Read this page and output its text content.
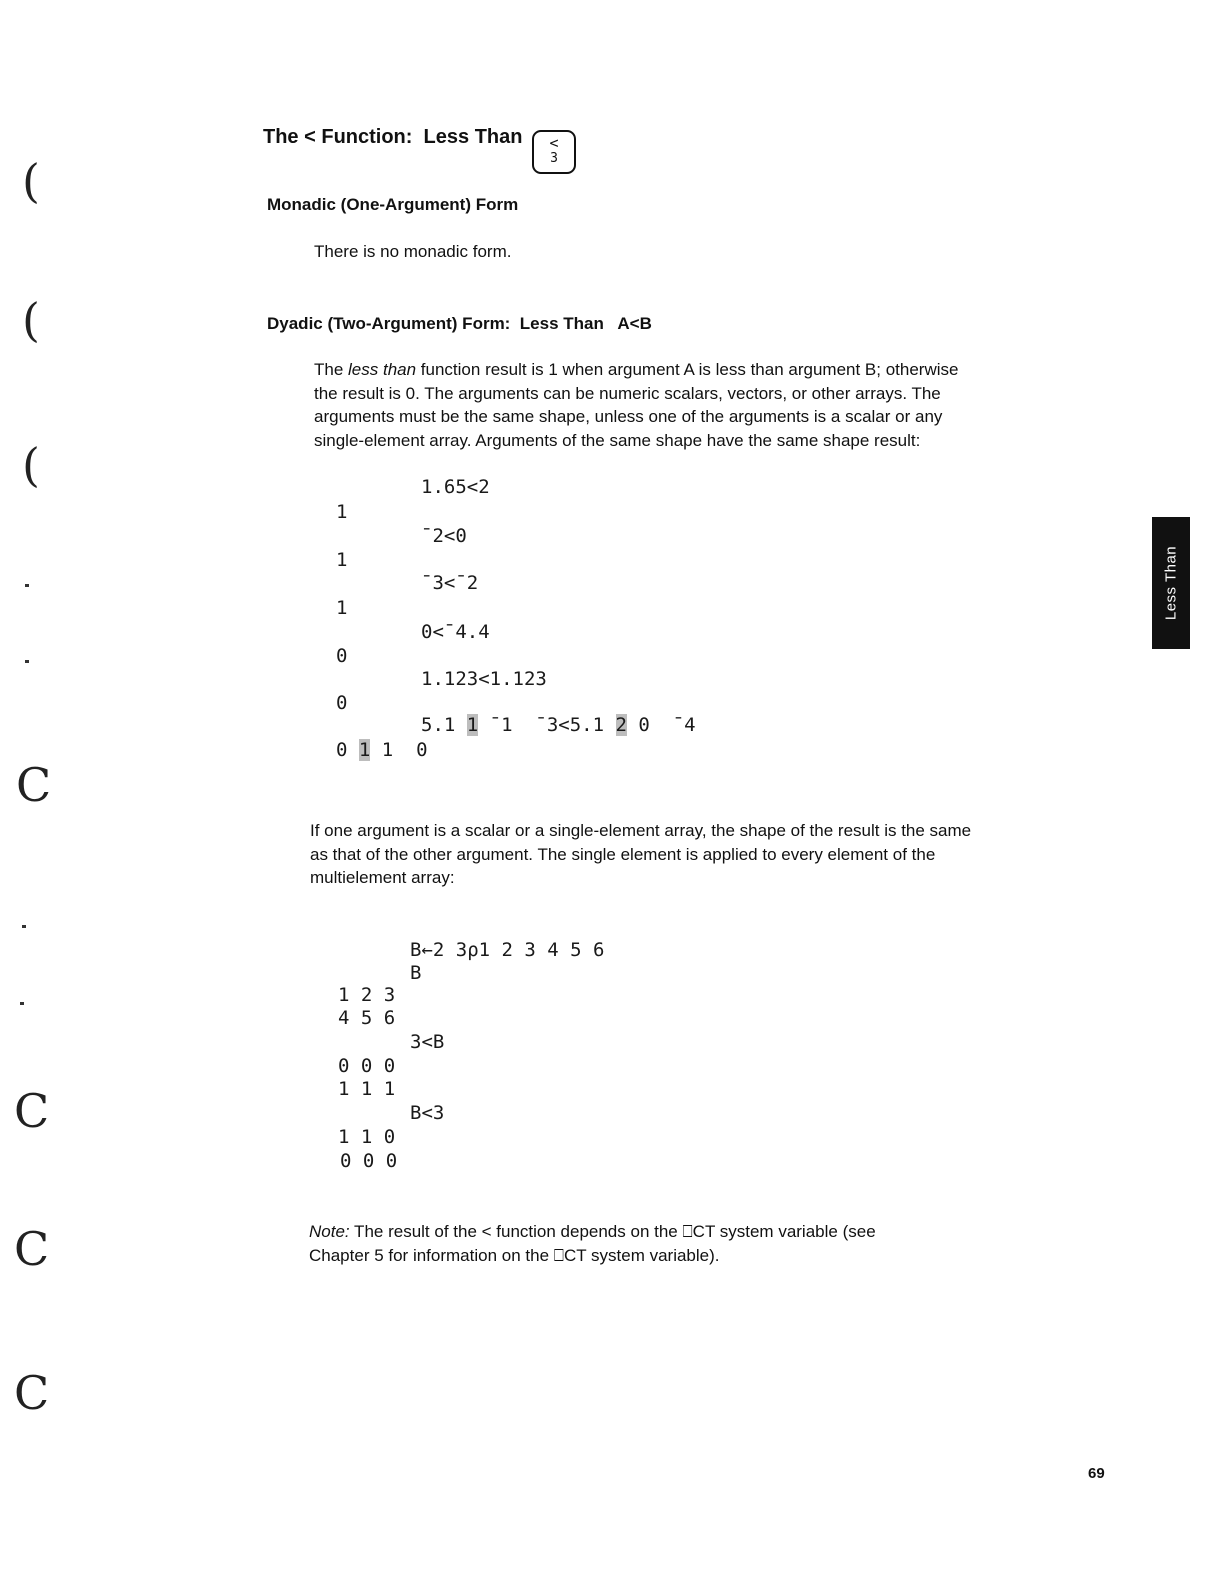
(
(
(
C
C
C
C
The < Function:  Less Than	<
3
Monadic (One-Argument) Form
There is no monadic form.
Dyadic (Two-Argument) Form:  Less Than   A<B
The less than function result is 1 when argument A is less than argument B; otherwise the result is 0. The arguments can be numeric scalars, vectors, or other arrays. The arguments must be the same shape, unless one of the arguments is a scalar or any single-element array. Arguments of the same shape have the same shape result:
1.65<2
1
¯2<0
1
¯3<¯2
1
0<¯4.4
0
1.123<1.123
0
5.1 1 ¯1  ¯3<5.1 2 0  ¯4
0 1 1  0
If one argument is a scalar or a single-element array, the shape of the result is the same as that of the other argument. The single element is applied to every element of the multielement array:
B←2 3⍴1 2 3 4 5 6
B
1 2 3
4 5 6
3<B
0 0 0
1 1 1
B<3
1 1 0
0 0 0
Note: The result of the < function depends on the ⎕CT system variable (see Chapter 5 for information on the ⎕CT system variable).
Less Than
69
